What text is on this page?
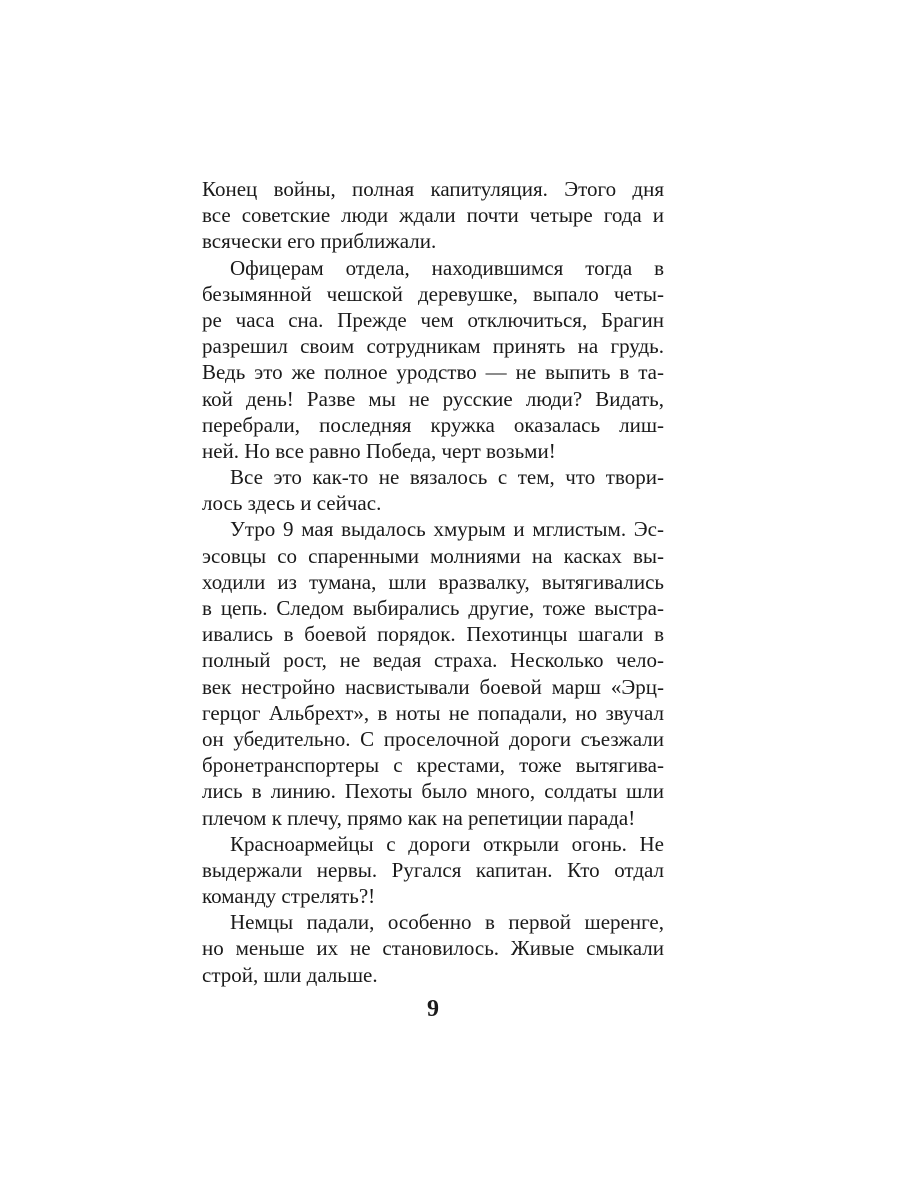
Конец войны, полная капитуляция. Этого дня
все советские люди ждали почти четыре года и
всячески его приближали.
Офицерам отдела, находившимся тогда в
безымянной чешской деревушке, выпало четы-
ре часа сна. Прежде чем отключиться, Брагин
разрешил своим сотрудникам принять на грудь.
Ведь это же полное уродство — не выпить в та-
кой день! Разве мы не русские люди? Видать,
перебрали, последняя кружка оказалась лиш-
ней. Но все равно Победа, черт возьми!
Все это как-то не вязалось с тем, что твори-
лось здесь и сейчас.
Утро 9 мая выдалось хмурым и мглистым. Эс-
эсовцы со спаренными молниями на касках вы-
ходили из тумана, шли вразвалку, вытягивались
в цепь. Следом выбирались другие, тоже выстра-
ивались в боевой порядок. Пехотинцы шагали в
полный рост, не ведая страха. Несколько чело-
век нестройно насвистывали боевой марш «Эрц-
герцог Альбрехт», в ноты не попадали, но звучал
он убедительно. С проселочной дороги съезжали
бронетранспортеры с крестами, тоже вытягива-
лись в линию. Пехоты было много, солдаты шли
плечом к плечу, прямо как на репетиции парада!
Красноармейцы с дороги открыли огонь. Не
выдержали нервы. Ругался капитан. Кто отдал
команду стрелять?!
Немцы падали, особенно в первой шеренге,
но меньше их не становилось. Живые смыкали
строй, шли дальше.
9
